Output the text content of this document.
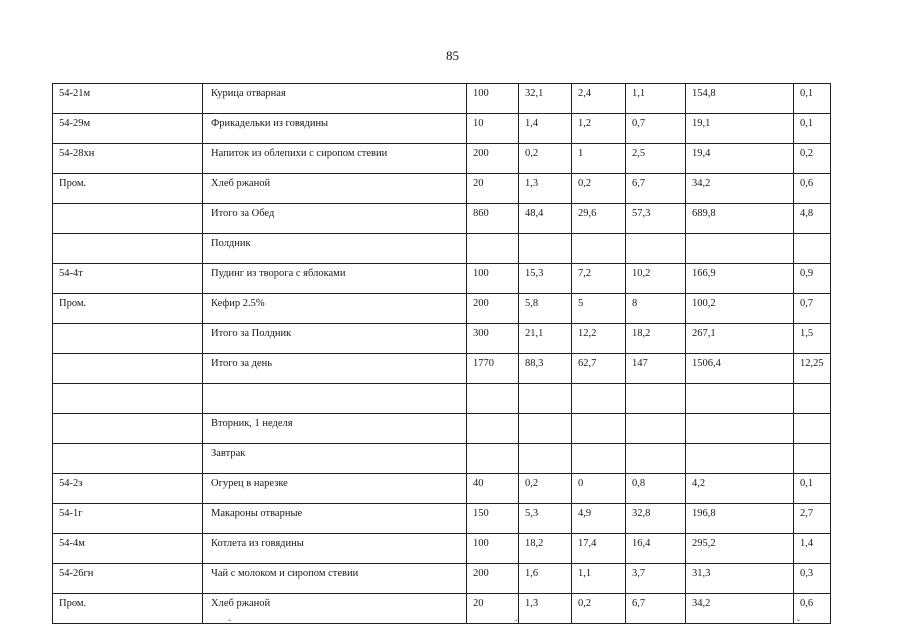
85
54-21м	Курица отварная	100	32,1	2,4	1,1	154,8	0,1
54-29м	Фрикадельки из говядины	10	1,4	1,2	0,7	19,1	0,1
54-28хн	Напиток из облепихи с сиропом стевии	200	0,2	1	2,5	19,4	0,2
Пром.	Хлеб ржаной	20	1,3	0,2	6,7	34,2	0,6
	Итого за Обед	860	48,4	29,6	57,3	689,8	4,8
	Полдник						
54-4т	Пудинг из творога с яблоками	100	15,3	7,2	10,2	166,9	0,9
Пром.	Кефир 2.5%	200	5,8	5	8	100,2	0,7
	Итого за Полдник	300	21,1	12,2	18,2	267,1	1,5
	Итого за день	1770	88,3	62,7	147	1506,4	12,25

	Вторник, 1 неделя						
	Завтрак						
54-2з	Огурец в нарезке	40	0,2	0	0,8	4,2	0,1
54-1г	Макароны отварные	150	5,3	4,9	32,8	196,8	2,7
54-4м	Котлета из говядины	100	18,2	17,4	16,4	295,2	1,4
54-26гн	Чай с молоком и сиропом стевии	200	1,6	1,1	3,7	31,3	0,3
Пром.	Хлеб ржаной	20	1,3	0,2	6,7	34,2	0,6
ˇ	ˇ	ˇ
